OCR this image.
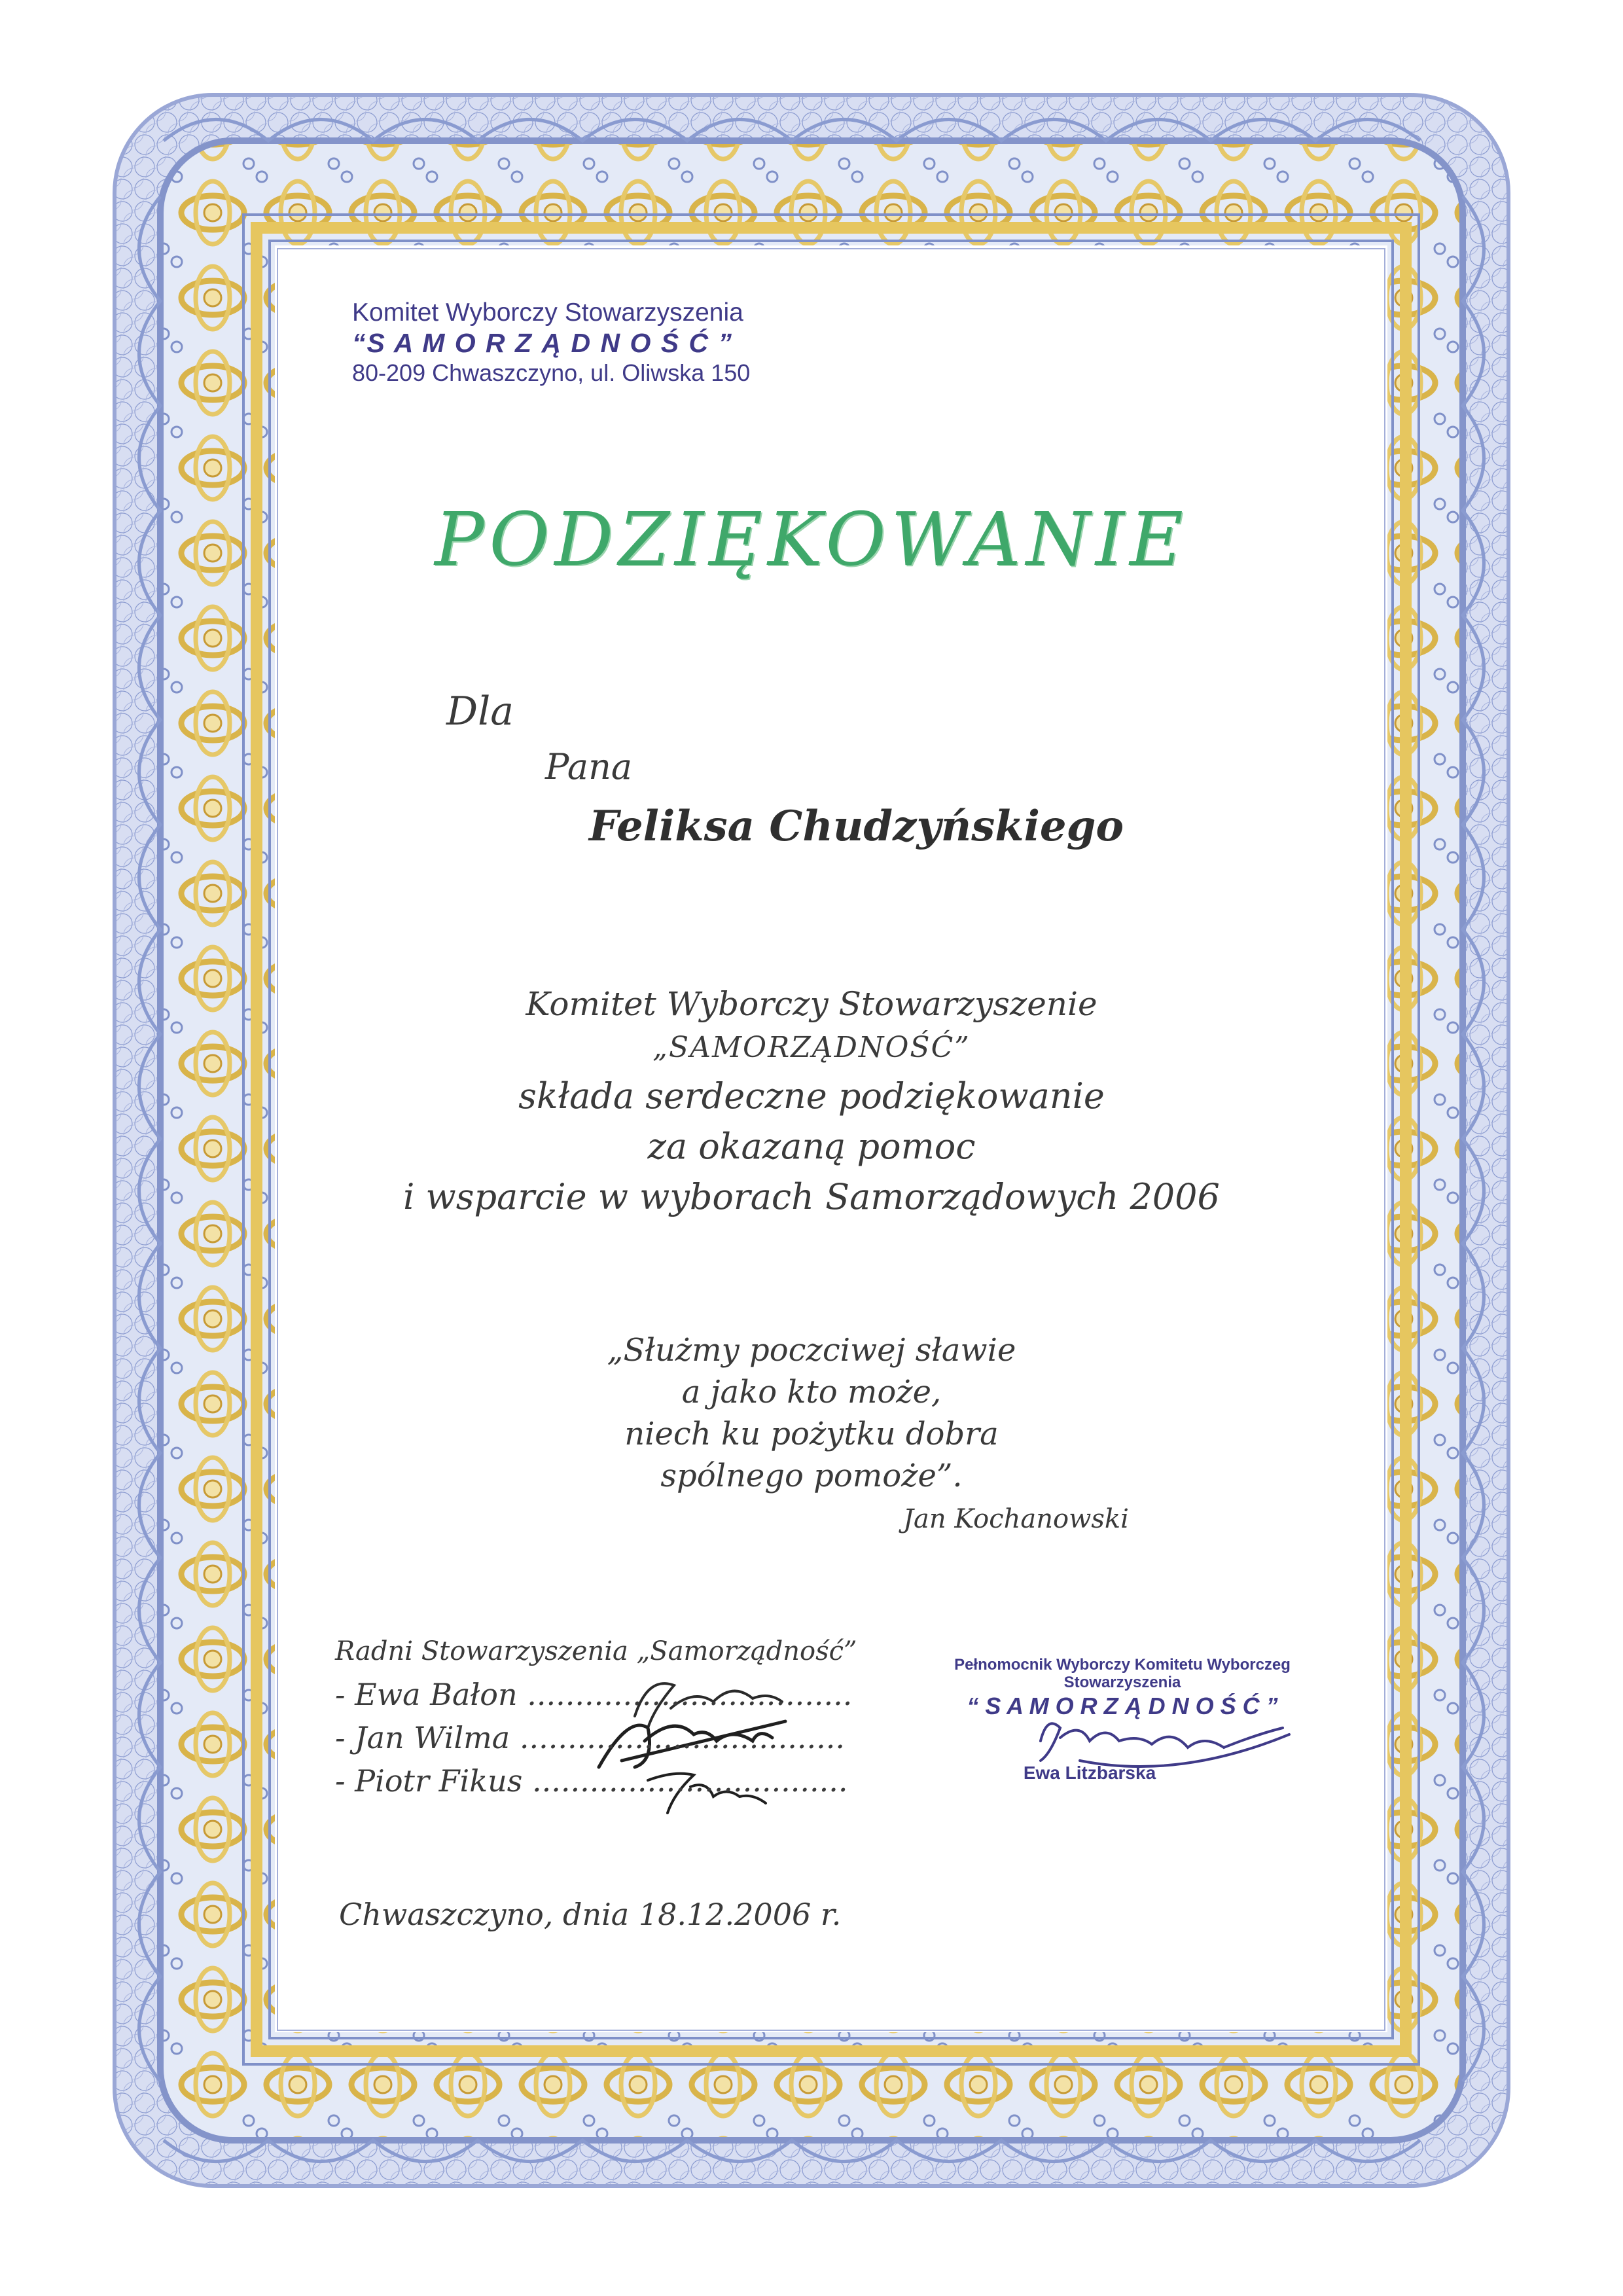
Komitet Wyborczy Stowarzyszenia
“S A M O R Z Ą D N O Ś Ć ”
80-209 Chwaszczyno, ul. Oliwska 150
PODZIĘKOWANIE
Dla
Pana
Feliksa Chudzyńskiego
Komitet Wyborczy Stowarzyszenie
„SAMORZĄDNOŚĆ”
składa serdeczne podziękowanie
za okazaną pomoc
i wsparcie w wyborach Samorządowych 2006
„Służmy poczciwej sławie
a jako kto może,
niech ku pożytku dobra
spólnego pomoże”.
Jan Kochanowski
Radni Stowarzyszenia „Samorządność”
- Ewa Bałon ..................................
- Jan Wilma ..................................
- Piotr Fikus .................................
Pełnomocnik Wyborczy Komitetu Wyborczeg
Stowarzyszenia
“ S A M O R Z Ą D N O Ś Ć ”
Ewa Litzbarska
Chwaszczyno, dnia 18.12.2006 r.
